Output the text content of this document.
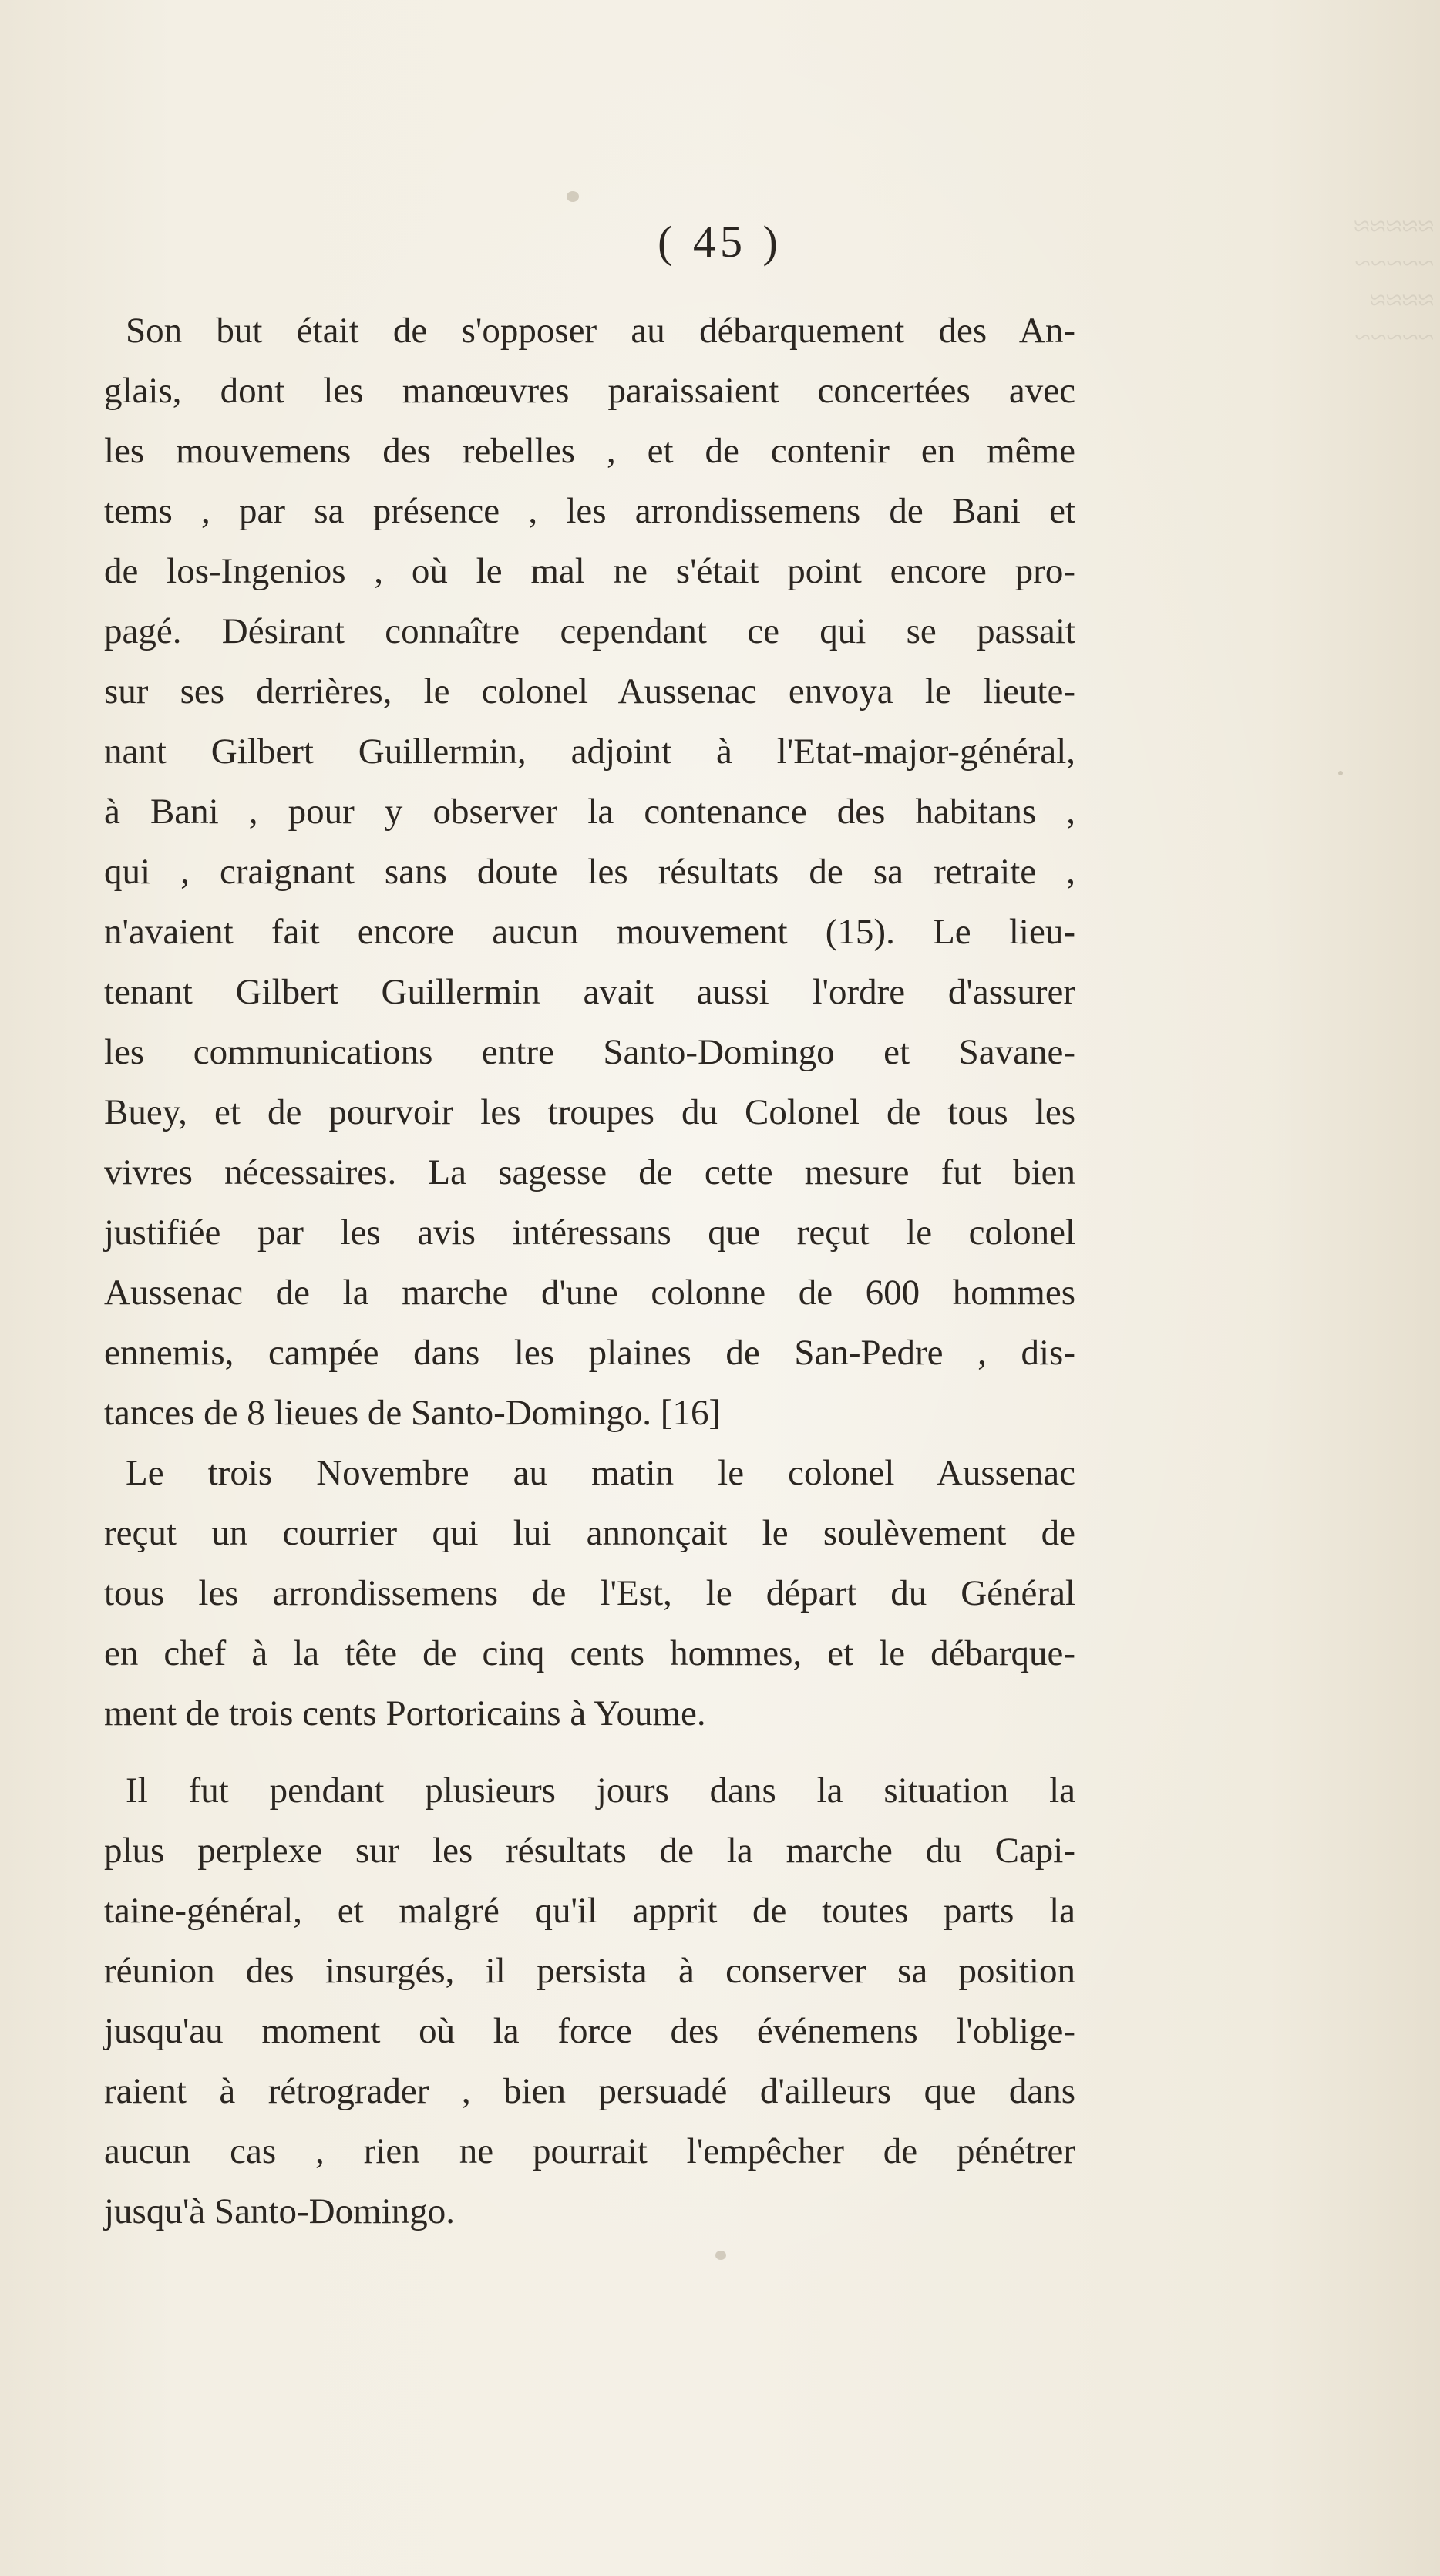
≈≈≈≈≈
~~~~~
≈≈≈≈
~~~~~
( 45 )
Son but était de s'opposer au débarquement des An-
glais, dont les manœuvres paraissaient concertées avec
les mouvemens des rebelles , et de contenir en même
tems , par sa présence , les arrondissemens de Bani et
de los-Ingenios , où le mal ne s'était point encore pro-
pagé. Désirant connaître cependant ce qui se passait
sur ses derrières, le colonel Aussenac envoya le lieute-
nant Gilbert Guillermin, adjoint à l'Etat-major-général,
à Bani , pour y observer la contenance des habitans ,
qui , craignant sans doute les résultats de sa retraite ,
n'avaient fait encore aucun mouvement (15). Le lieu-
tenant Gilbert Guillermin avait aussi l'ordre d'assurer
les communications entre Santo-Domingo et Savane-
Buey, et de pourvoir les troupes du Colonel de tous les
vivres nécessaires. La sagesse de cette mesure fut bien
justifiée par les avis intéressans que reçut le colonel
Aussenac de la marche d'une colonne de 600 hommes
ennemis, campée dans les plaines de San-Pedre , dis-
tances de 8 lieues de Santo-Domingo. [16]
Le trois Novembre au matin le colonel Aussenac
reçut un courrier qui lui annonçait le soulèvement de
tous les arrondissemens de l'Est, le départ du Général
en chef à la tête de cinq cents hommes, et le débarque-
ment de trois cents Portoricains à Youme.
Il fut pendant plusieurs jours dans la situation la
plus perplexe sur les résultats de la marche du Capi-
taine-général, et malgré qu'il apprit de toutes parts la
réunion des insurgés, il persista à conserver sa position
jusqu'au moment où la force des événemens l'oblige-
raient à rétrograder , bien persuadé d'ailleurs que dans
aucun cas , rien ne pourrait l'empêcher de pénétrer
jusqu'à Santo-Domingo.
